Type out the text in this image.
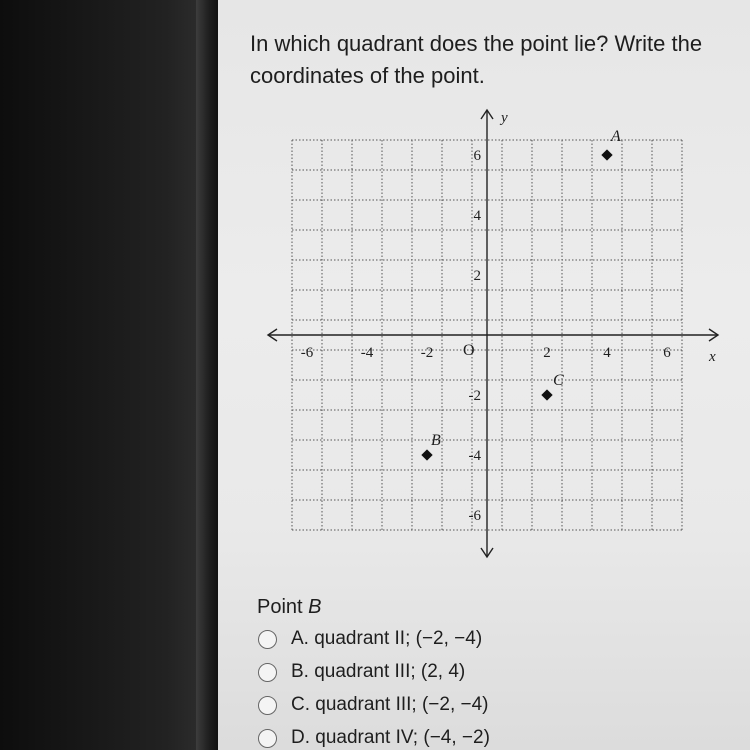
In which quadrant does the point lie? Write the coordinates of the point.
x
y
O
-6	-4	-2	2	4	6
6
4
2
-2
-4
-6
A
B
C
Point B
A. quadrant II; (−2, −4)
B. quadrant III; (2, 4)
C. quadrant III; (−2, −4)
D. quadrant IV; (−4, −2)
